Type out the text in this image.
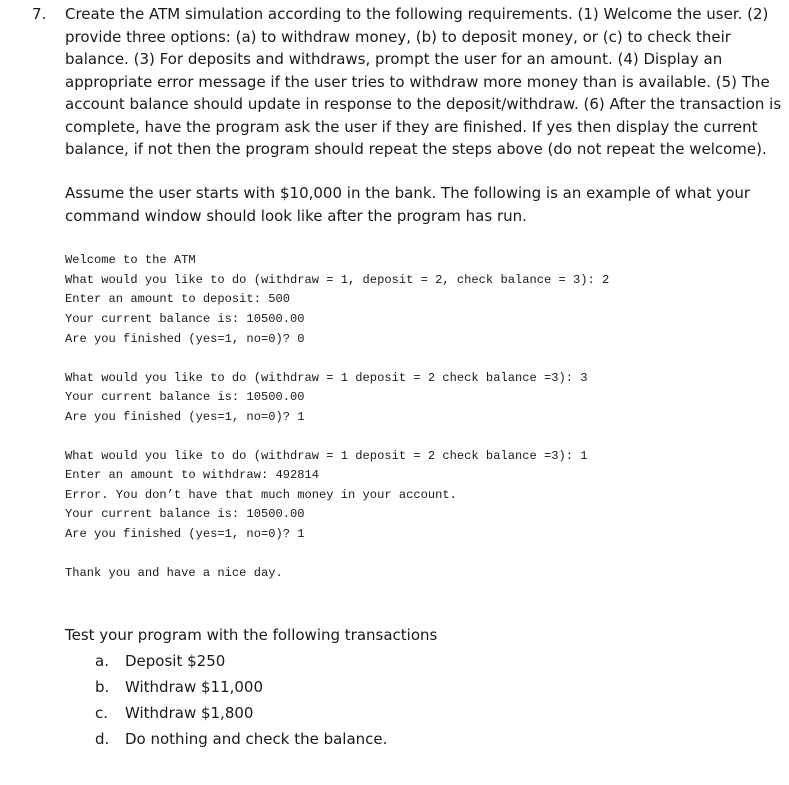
7. Create the ATM simulation according to the following requirements. (1) Welcome the user. (2) provide three options: (a) to withdraw money, (b) to deposit money, or (c) to check their balance. (3) For deposits and withdraws, prompt the user for an amount. (4) Display an appropriate error message if the user tries to withdraw more money than is available. (5) The account balance should update in response to the deposit/withdraw. (6) After the transaction is complete, have the program ask the user if they are finished. If yes then display the current balance, if not then the program should repeat the steps above (do not repeat the welcome).

Assume the user starts with $10,000 in the bank. The following is an example of what your command window should look like after the program has run.

Welcome to the ATM
What would you like to do (withdraw = 1, deposit = 2, check balance = 3): 2
Enter an amount to deposit: 500
Your current balance is: 10500.00
Are you finished (yes=1, no=0)? 0
What would you like to do (withdraw = 1 deposit = 2 check balance =3): 3
Your current balance is: 10500.00
Are you finished (yes=1, no=0)? 1
What would you like to do (withdraw = 1 deposit = 2 check balance =3): 1
Enter an amount to withdraw: 492814
Error. You don’t have that much money in your account.
Your current balance is: 10500.00
Are you finished (yes=1, no=0)? 1
Thank you and have a nice day.

Test your program with the following transactions

a. Deposit $250
b. Withdraw $11,000
c. Withdraw $1,800
d. Do nothing and check the balance.
